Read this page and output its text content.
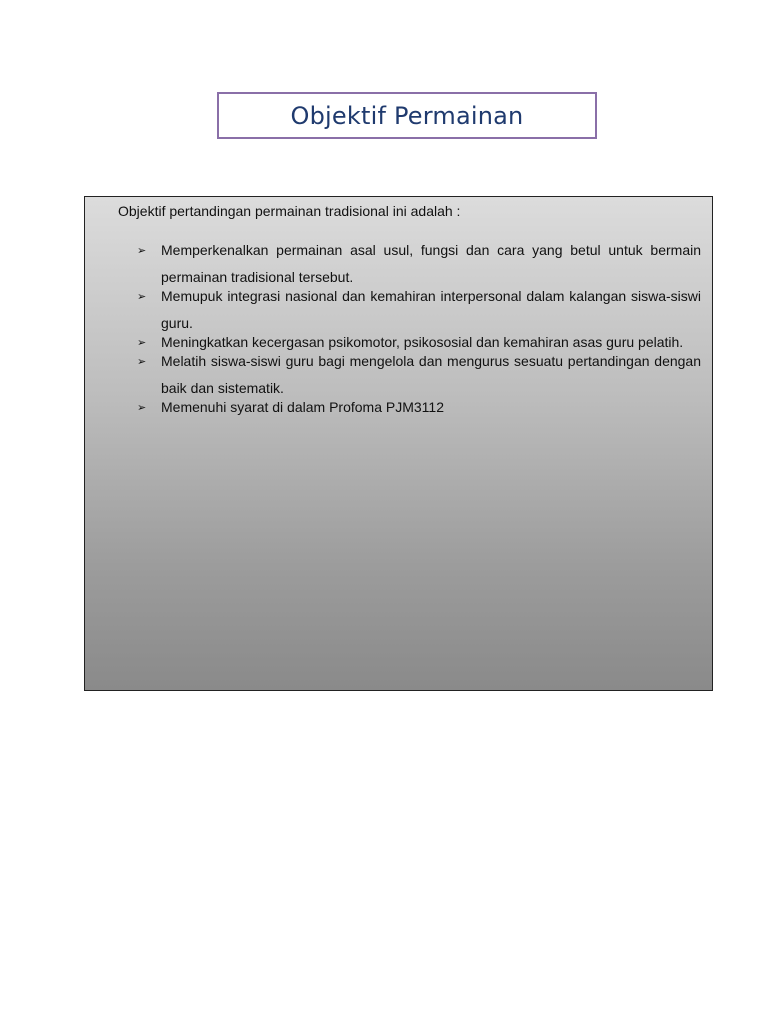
Objektif Permainan
Objektif pertandingan permainan tradisional ini adalah :
➢ Memperkenalkan permainan asal usul, fungsi dan cara yang betul untuk bermain permainan tradisional tersebut.
➢ Memupuk integrasi nasional dan kemahiran interpersonal dalam kalangan siswa-siswi guru.
➢ Meningkatkan kecergasan psikomotor, psikososial dan kemahiran asas guru pelatih.
➢ Melatih siswa-siswi guru bagi mengelola dan mengurus sesuatu pertandingan dengan baik dan sistematik.
➢ Memenuhi syarat di dalam Profoma PJM3112
